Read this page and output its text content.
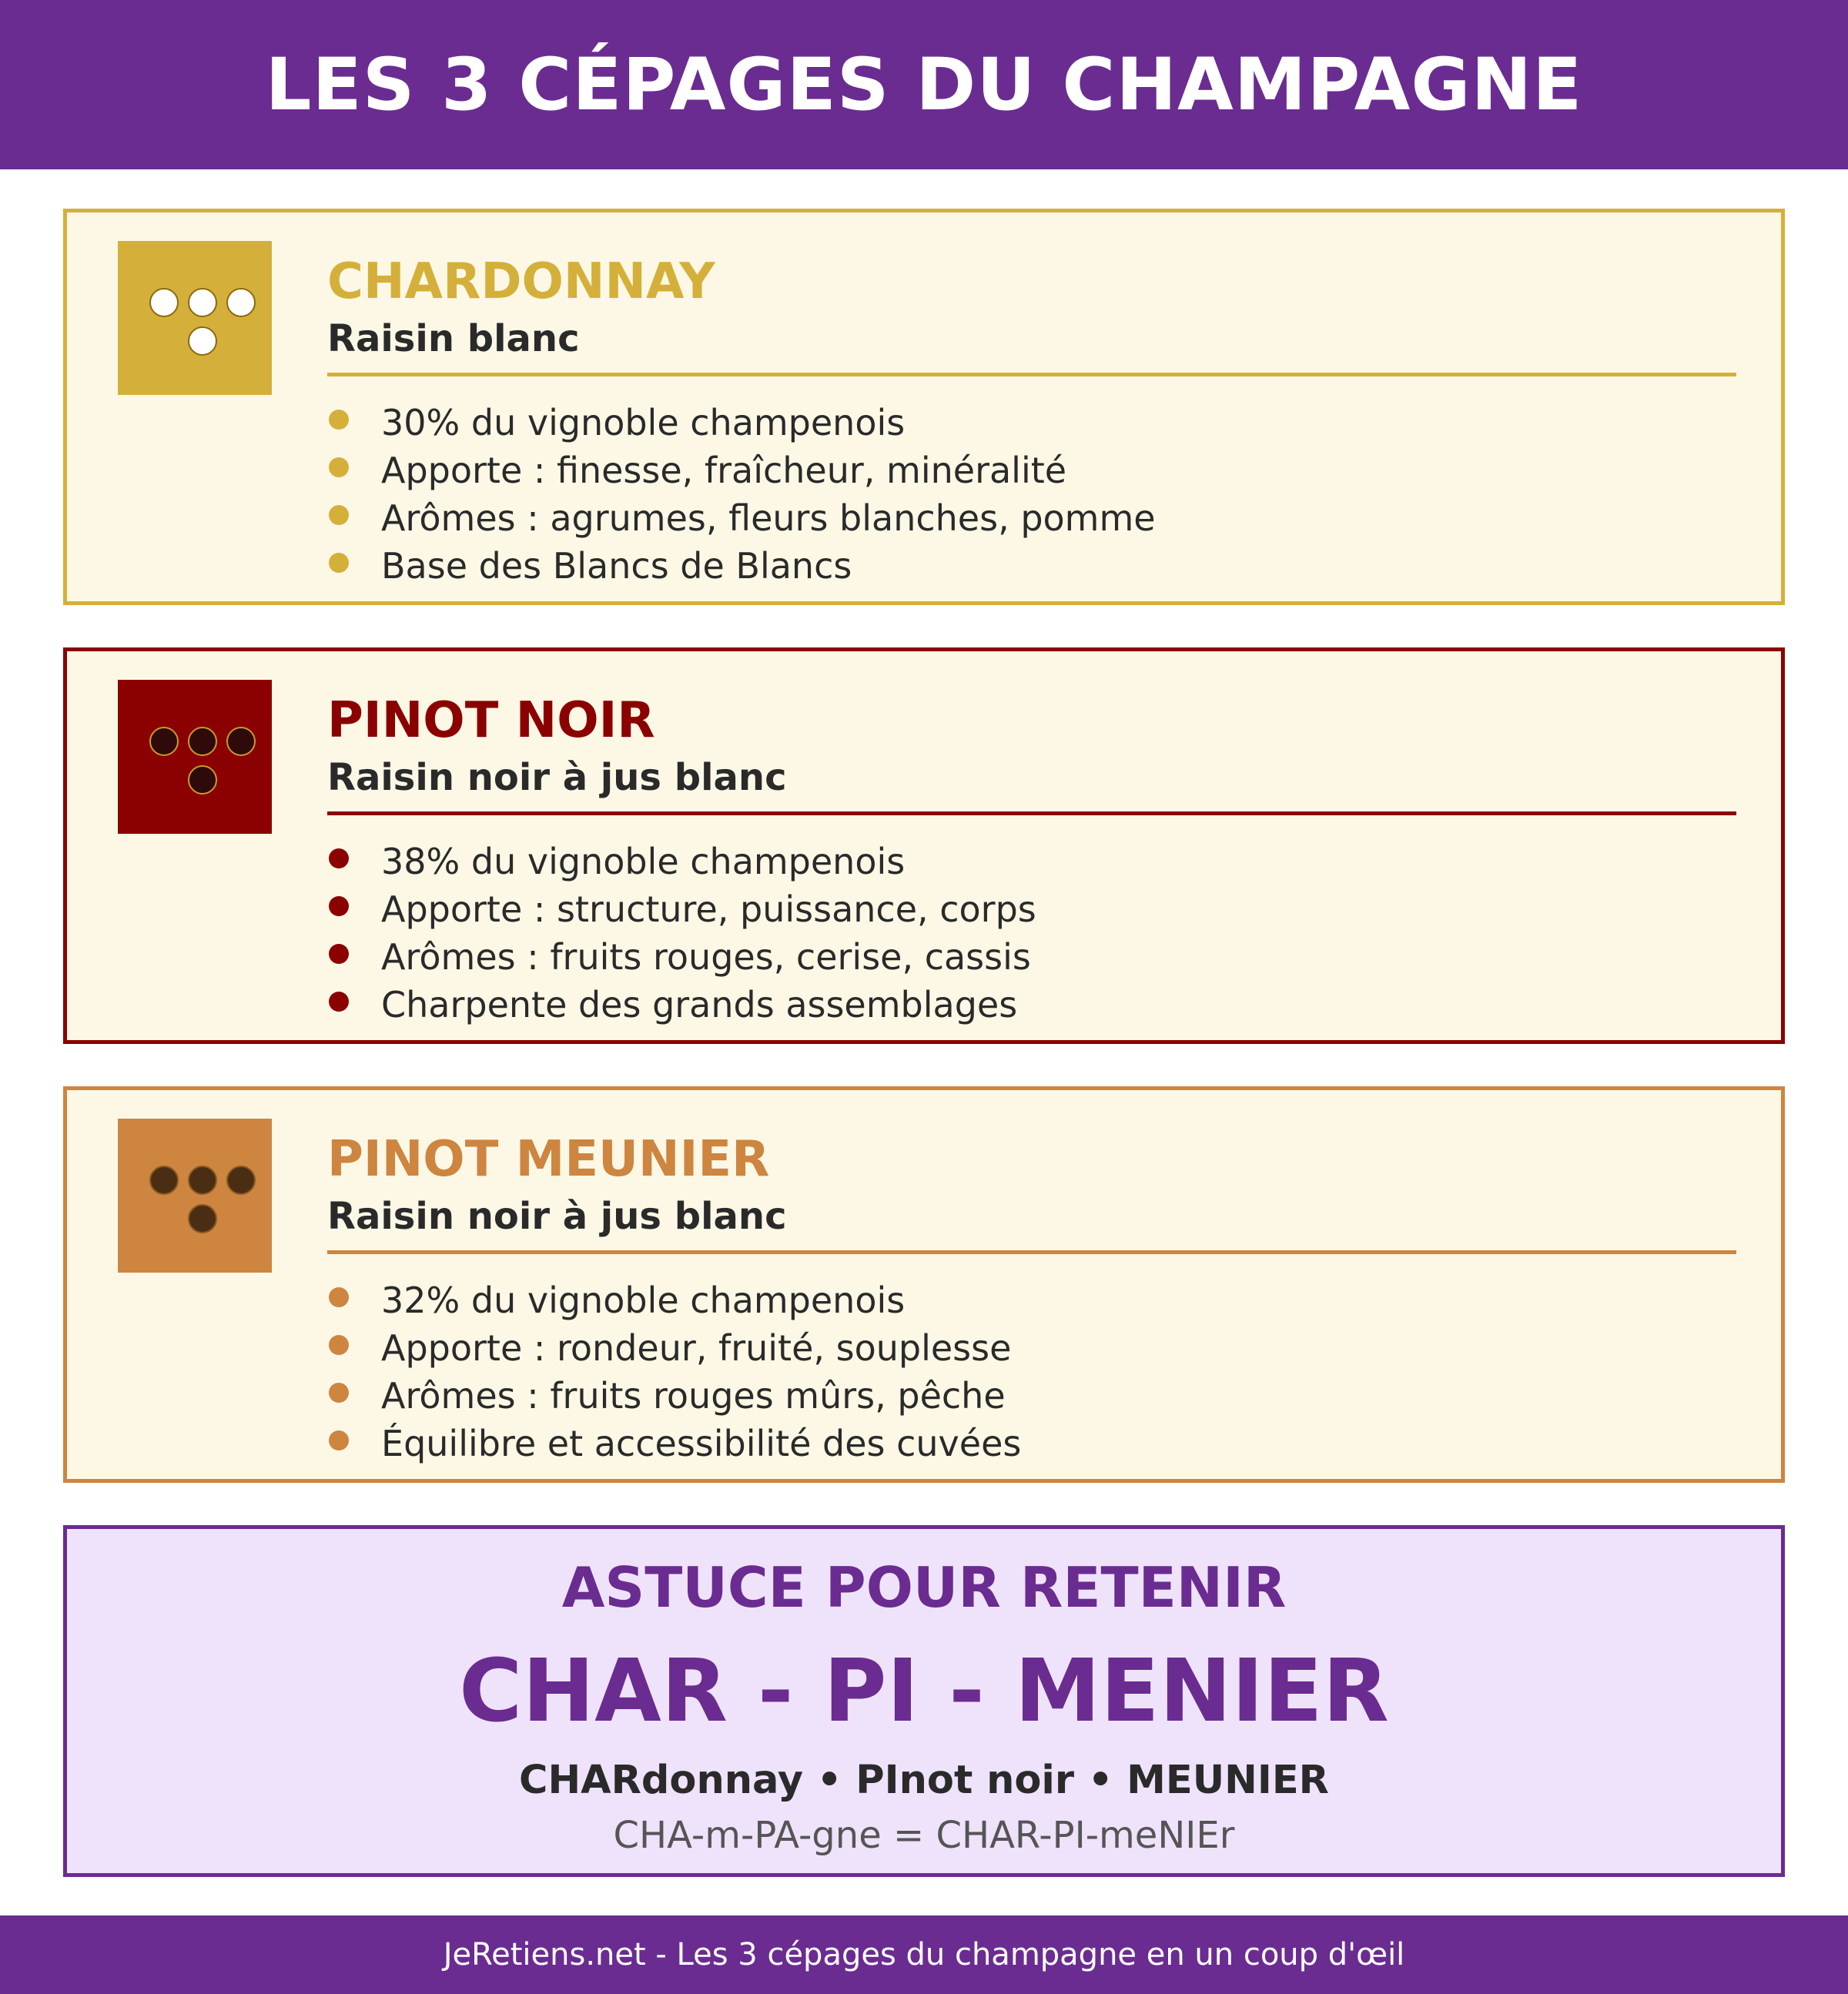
LES 3 CÉPAGES DU CHAMPAGNE
CHARDONNAY

Raisin blanc

30% du vignoble champenois
Apporte : finesse, fraîcheur, minéralité
Arômes : agrumes, fleurs blanches, pomme
Base des Blancs de Blancs
PINOT NOIR

Raisin noir à jus blanc

38% du vignoble champenois
Apporte : structure, puissance, corps
Arômes : fruits rouges, cerise, cassis
Charpente des grands assemblages
PINOT MEUNIER

Raisin noir à jus blanc

32% du vignoble champenois
Apporte : rondeur, fruité, souplesse
Arômes : fruits rouges mûrs, pêche
Équilibre et accessibilité des cuvées
ASTUCE POUR RETENIR

CHAR - PI - MENIER

CHARdonnay • PInot noir • MEUNIER

CHA-m-PA-gne = CHAR-PI-meNIEr

JeRetiens.net - Les 3 cépages du champagne en un coup d'œil
